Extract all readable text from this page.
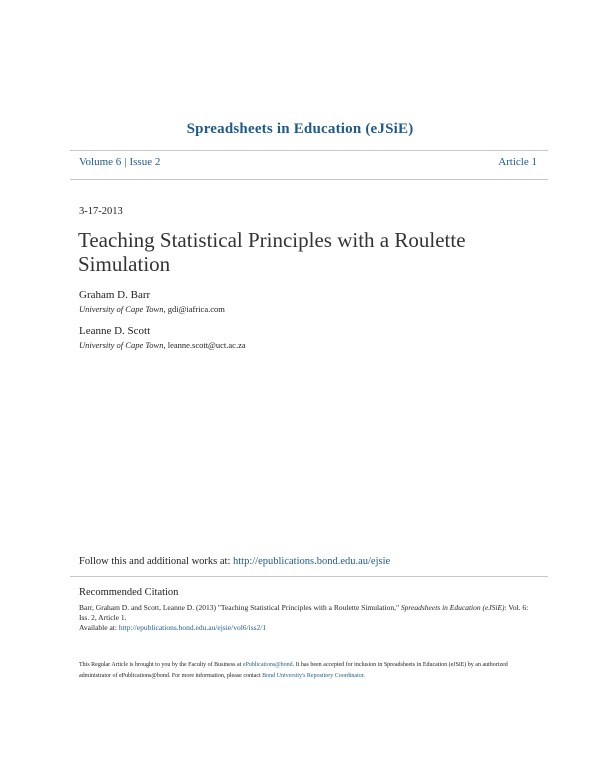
Spreadsheets in Education (eJSiE)
Volume 6 | Issue 2	Article 1
3-17-2013
Teaching Statistical Principles with a Roulette Simulation
Graham D. Barr
University of Cape Town, gdi@iafrica.com
Leanne D. Scott
University of Cape Town, leanne.scott@uct.ac.za
Follow this and additional works at: http://epublications.bond.edu.au/ejsie
Recommended Citation
Barr, Graham D. and Scott, Leanne D. (2013) "Teaching Statistical Principles with a Roulette Simulation," Spreadsheets in Education (eJSiE): Vol. 6: Iss. 2, Article 1.
Available at: http://epublications.bond.edu.au/ejsie/vol6/iss2/1
This Regular Article is brought to you by the Faculty of Business at ePublications@bond. It has been accepted for inclusion in Spreadsheets in Education (eJSiE) by an authorized administrator of ePublications@bond. For more information, please contact Bond University's Repository Coordinator.
